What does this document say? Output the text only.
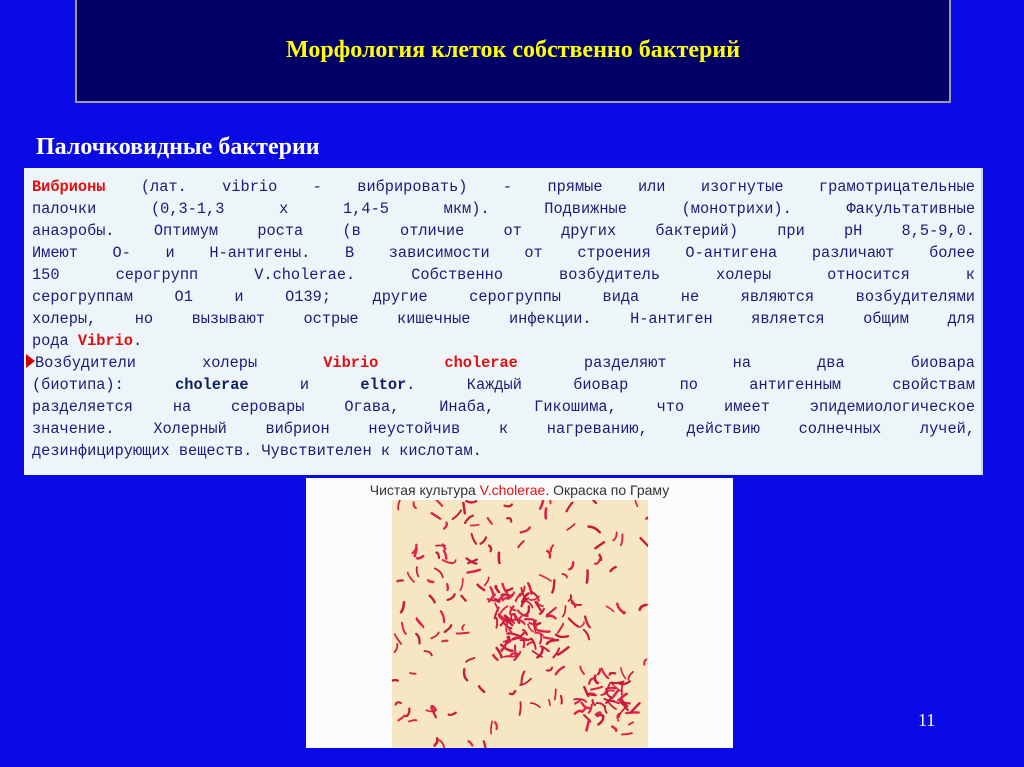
Морфология клеток собственно бактерий
Палочковидные бактерии
Вибрионы (лат. vibrio - вибрировать) - прямые или изогнутые грамотрицательные
палочки (0,3-1,3 х 1,4-5 мкм). Подвижные (монотрихи). Факультативные
анаэробы. Оптимум роста (в отличие от других бактерий) при pH 8,5-9,0.
Имеют О- и Н-антигены. В зависимости от строения О-антигена различают более
150 серогрупп V.cholerae. Собственно возбудитель холеры относится к
серогруппам О1 и О139; другие серогруппы вида не являются возбудителями
холеры, но вызывают острые кишечные инфекции. Н-антиген является общим для
рода Vibrio.
Возбудители холеры Vibrio cholerae разделяют на два биовара
(биотипа): cholerae и eltor. Каждый биовар по антигенным свойствам
разделяется на серовары Огава, Инаба, Гикошима, что имеет эпидемиологическое
значение. Холерный вибрион неустойчив к нагреванию, действию солнечных лучей,
дезинфицирующих веществ. Чувствителен к кислотам.
Чистая культура V.cholerae. Окраска по Граму
11
